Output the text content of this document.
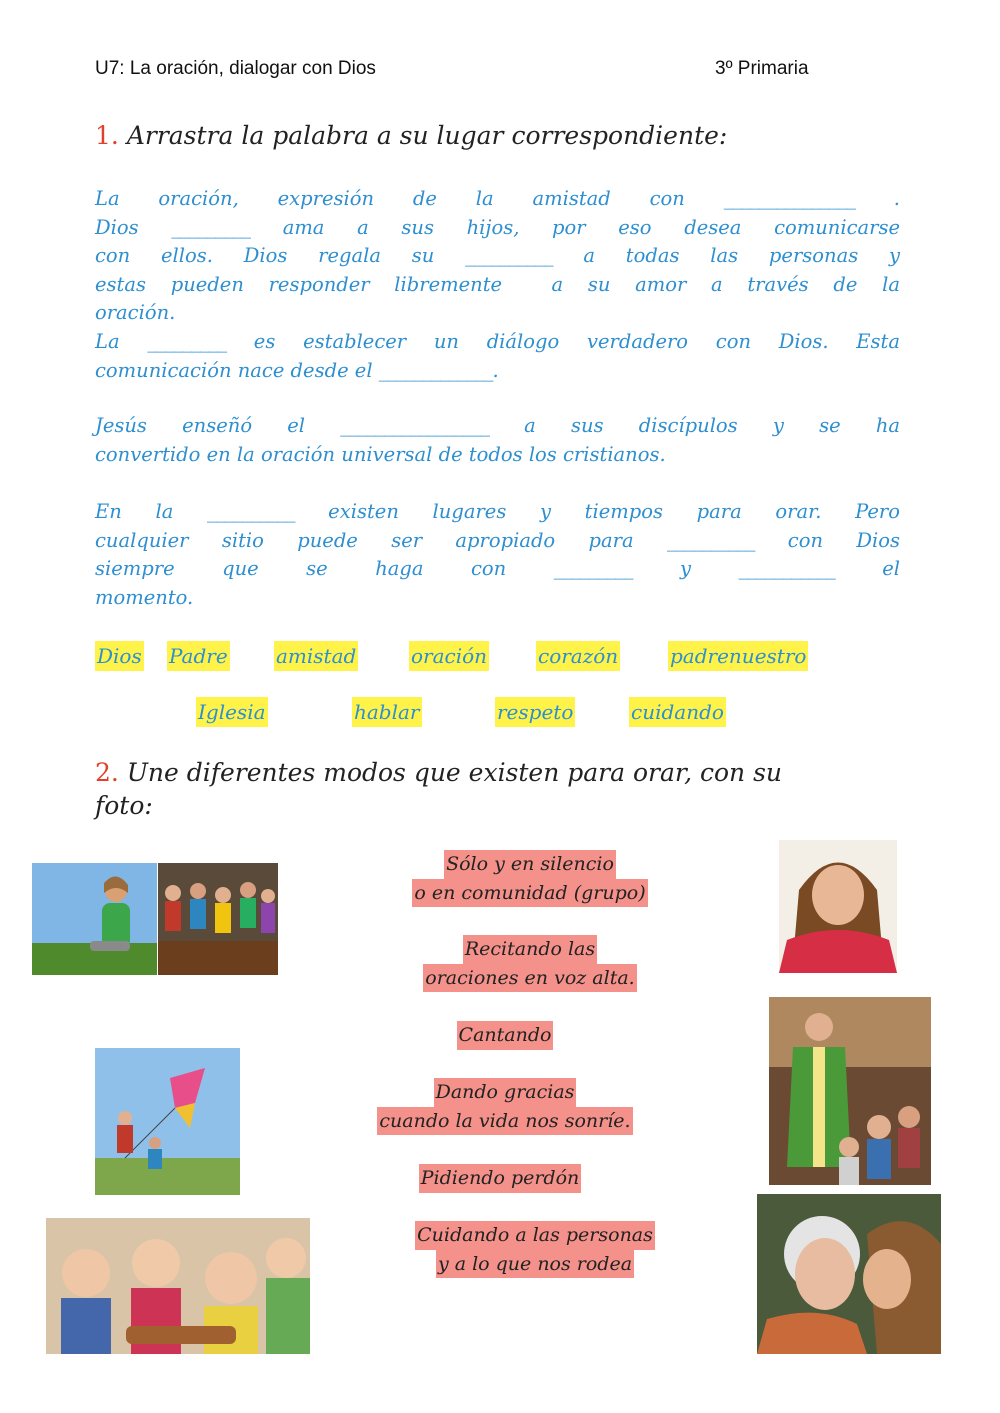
U7: La oración, dialogar con Dios	3º Primaria
1. Arrastra la palabra a su lugar correspondiente:
La oración, expresión de la amistad con _______________ .
Dios _________ ama a sus hijos, por eso desea comunicarse
con ellos. Dios regala su __________ a todas las personas y
estas pueden responder libremente  a su amor a través de la
oración.
La _________ es establecer un diálogo verdadero con Dios. Esta
comunicación nace desde el _____________.
Jesús enseñó el _________________ a sus discípulos y se ha
convertido en la oración universal de todos los cristianos.
En la __________ existen lugares y tiempos para orar. Pero
cualquier sitio puede ser apropiado para __________ con Dios
siempre que se haga con _________ y ___________ el
momento.
Dios Padre amistad	oración	corazón	padrenuestro
Iglesia	hablar	respeto	cuidando
2. Une diferentes modos que existen para orar, con su
foto:
Sólo y en silencio
o en comunidad (grupo)
Recitando las
oraciones en voz alta.
Cantando
Dando gracias
cuando la vida nos sonríe.
Pidiendo perdón
Cuidando a las personas
y a lo que nos rodea
